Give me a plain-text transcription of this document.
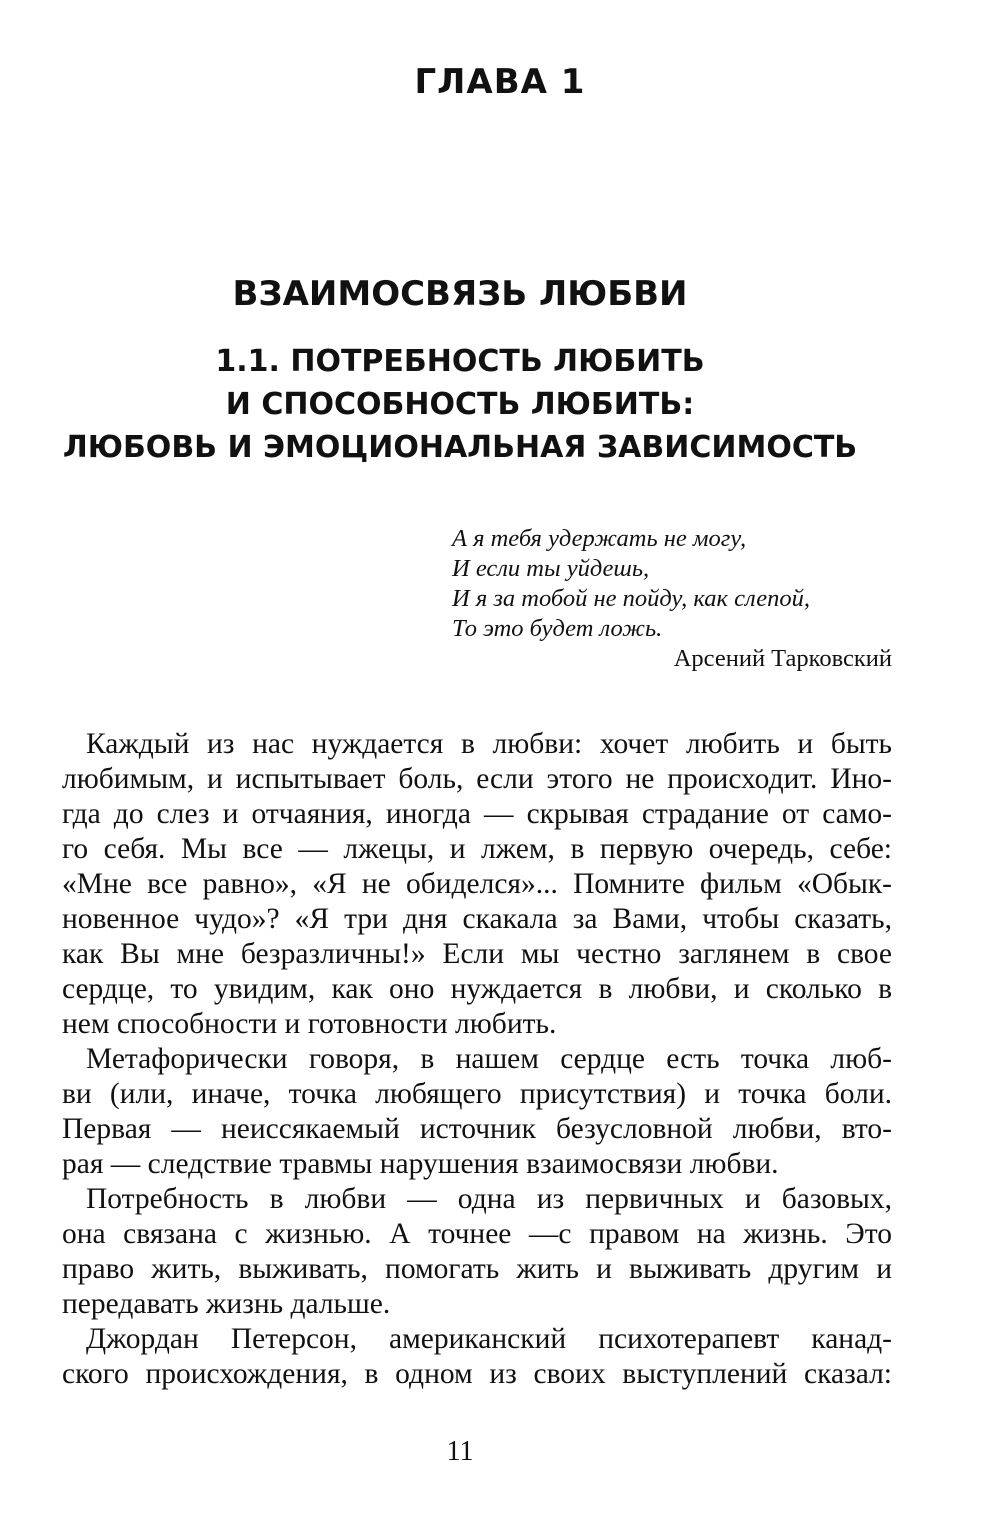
ГЛАВА 1
ВЗАИМОСВЯЗЬ ЛЮБВИ
1.1. ПОТРЕБНОСТЬ ЛЮБИТЬ
И СПОСОБНОСТЬ ЛЮБИТЬ:
ЛЮБОВЬ И ЭМОЦИОНАЛЬНАЯ ЗАВИСИМОСТЬ
А я тебя удержать не могу,
И если ты уйдешь,
И я за тобой не пойду, как слепой,
То это будет ложь.
Арсений Тарковский

Каждый из нас нуждается в любви: хочет любить и быть
любимым, и испытывает боль, если этого не происходит. Ино-
гда до слез и отчаяния, иногда — скрывая страдание от само-
го себя. Мы все — лжецы, и лжем, в первую очередь, себе:
«Мне все равно», «Я не обиделся»... Помните фильм «Обык-
новенное чудо»? «Я три дня скакала за Вами, чтобы сказать,
как Вы мне безразличны!» Если мы честно заглянем в свое
сердце, то увидим, как оно нуждается в любви, и сколько в
нем способности и готовности любить.

Метафорически говоря, в нашем сердце есть точка люб-
ви (или, иначе, точка любящего присутствия) и точка боли.
Первая — неиссякаемый источник безусловной любви, вто-
рая — следствие травмы нарушения взаимосвязи любви.

Потребность в любви — одна из первичных и базовых,
она связана с жизнью. А точнее —с правом на жизнь. Это
право жить, выживать, помогать жить и выживать другим и
передавать жизнь дальше.

Джордан Петерсон, американский психотерапевт канад-
ского происхождения, в одном из своих выступлений сказал:

11
